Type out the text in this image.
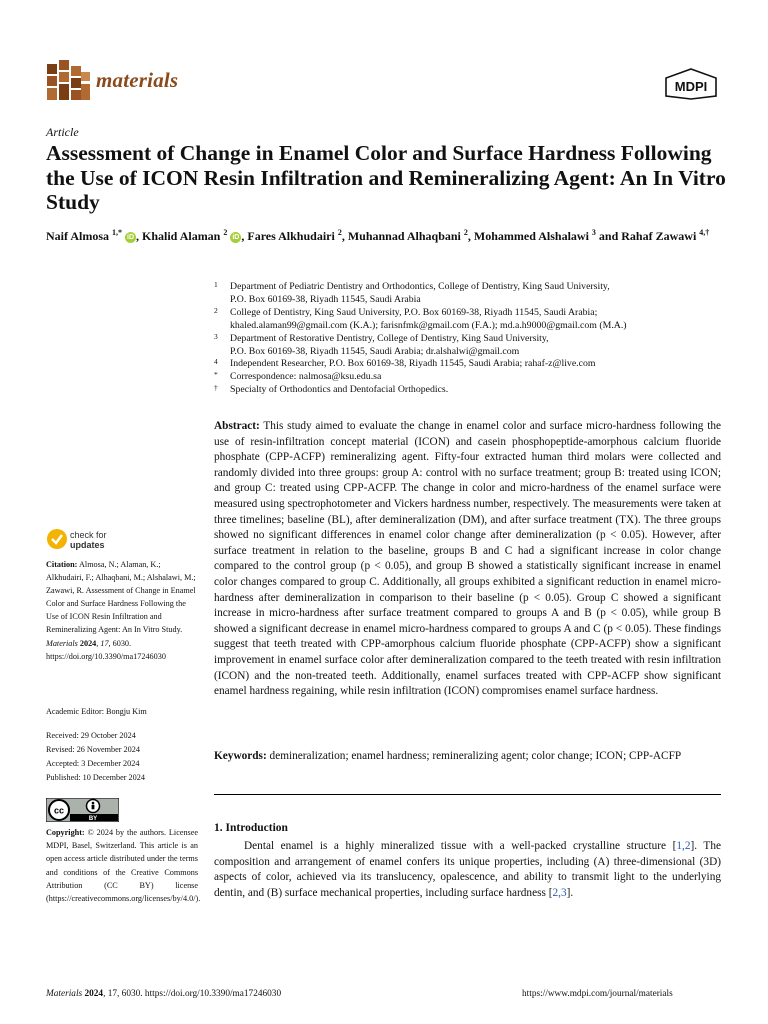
materials	MDPI
Article
Assessment of Change in Enamel Color and Surface Hardness Following the Use of ICON Resin Infiltration and Remineralizing Agent: An In Vitro Study
Naif Almosa $^{1,*}$ iD , Khalid Alaman $^2$ iD , Fares Alkhudairi $^2$, Muhannad Alhaqbani $^2$, Mohammed Alshalawi $^3$ and Rahaf Zawawi $^{4,\dagger}$
1 Department of Pediatric Dentistry and Orthodontics, College of Dentistry, King Saud University,
P.O. Box 60169-38, Riyadh 11545, Saudi Arabia
2 College of Dentistry, King Saud University, P.O. Box 60169-38, Riyadh 11545, Saudi Arabia;
khaled.alaman99@gmail.com (K.A.); farisnfmk@gmail.com (F.A.); md.a.h9000@gmail.com (M.A.)
3 Department of Restorative Dentistry, College of Dentistry, King Saud University,
P.O. Box 60169-38, Riyadh 11545, Saudi Arabia; dr.alshalwi@gmail.com
4 Independent Researcher, P.O. Box 60169-38, Riyadh 11545, Saudi Arabia; rahaf-z@live.com
* Correspondence: nalmosa@ksu.edu.sa
† Specialty of Orthodontics and Dentofacial Orthopedics.
Abstract: This study aimed to evaluate the change in enamel color and surface micro-hardness following the use of resin-infiltration concept material (ICON) and casein phosphopeptide-amorphous calcium fluoride phosphate (CPP-ACFP) remineralizing agent. Fifty-four extracted human third molars were collected and randomly divided into three groups: group A: control with no surface treatment; group B: treated using ICON; and group C: treated using CPP-ACFP. The change in color and micro-hardness of the enamel surface were measured using spectrophotometer and Vickers hardness number, respectively. The measurements were taken at three timelines; baseline (BL), after demineralization (DM), and after surface treatment (TX). The three groups showed no significant differences in enamel color change after demineralization (p < 0.05). However, after surface treatment in relation to the baseline, groups B and C had a significant increase in color change compared to the control group (p < 0.05), and group B showed a statistically significant increase in enamel color changes compared to group C. Additionally, all groups exhibited a significant reduction in enamel micro-hardness after demineralization in comparison to their baseline (p < 0.05). Group C showed a significant increase in micro-hardness after surface treatment compared to groups A and B (p < 0.05), while group B showed a significant decrease in enamel micro-hardness compared to groups A and C (p < 0.05). These findings suggest that teeth treated with CPP-amorphous calcium fluoride phosphate (CPP-ACFP) show a significant improvement in enamel surface color after demineralization compared to the teeth treated with resin infiltration (ICON) and the non-treated teeth. Additionally, enamel surfaces treated with CPP-ACFP show significant enamel hardness regaining, while resin infiltration (ICON) compromises enamel surface hardness.
Keywords: demineralization; enamel hardness; remineralizing agent; color change; ICON; CPP-ACFP
1. Introduction
Dental enamel is a highly mineralized tissue with a well-packed crystalline structure [1,2]. The composition and arrangement of enamel confers its unique properties, including (A) three-dimensional (3D) aspects of color, achieved via its translucency, opalescence, and ability to transmit light to the underlying dentin, and (B) surface mechanical properties, including surface hardness [2,3].
check for
updates
Citation: Almosa, N.; Alaman, K.; Alkhudairi, F.; Alhaqbani, M.; Alshalawi, M.; Zawawi, R. Assessment of Change in Enamel Color and Surface Hardness Following the Use of ICON Resin Infiltration and Remineralizing Agent: An In Vitro Study. Materials 2024, 17, 6030. https://doi.org/10.3390/ma17246030
Academic Editor: Bongju Kim
Received: 29 October 2024
Revised: 26 November 2024
Accepted: 3 December 2024
Published: 10 December 2024
cc
BY
Copyright: © 2024 by the authors. Licensee MDPI, Basel, Switzerland. This article is an open access article distributed under the terms and conditions of the Creative Commons Attribution (CC BY) license (https://creativecommons.org/licenses/by/4.0/).
Materials 2024, 17, 6030. https://doi.org/10.3390/ma17246030	https://www.mdpi.com/journal/materials
